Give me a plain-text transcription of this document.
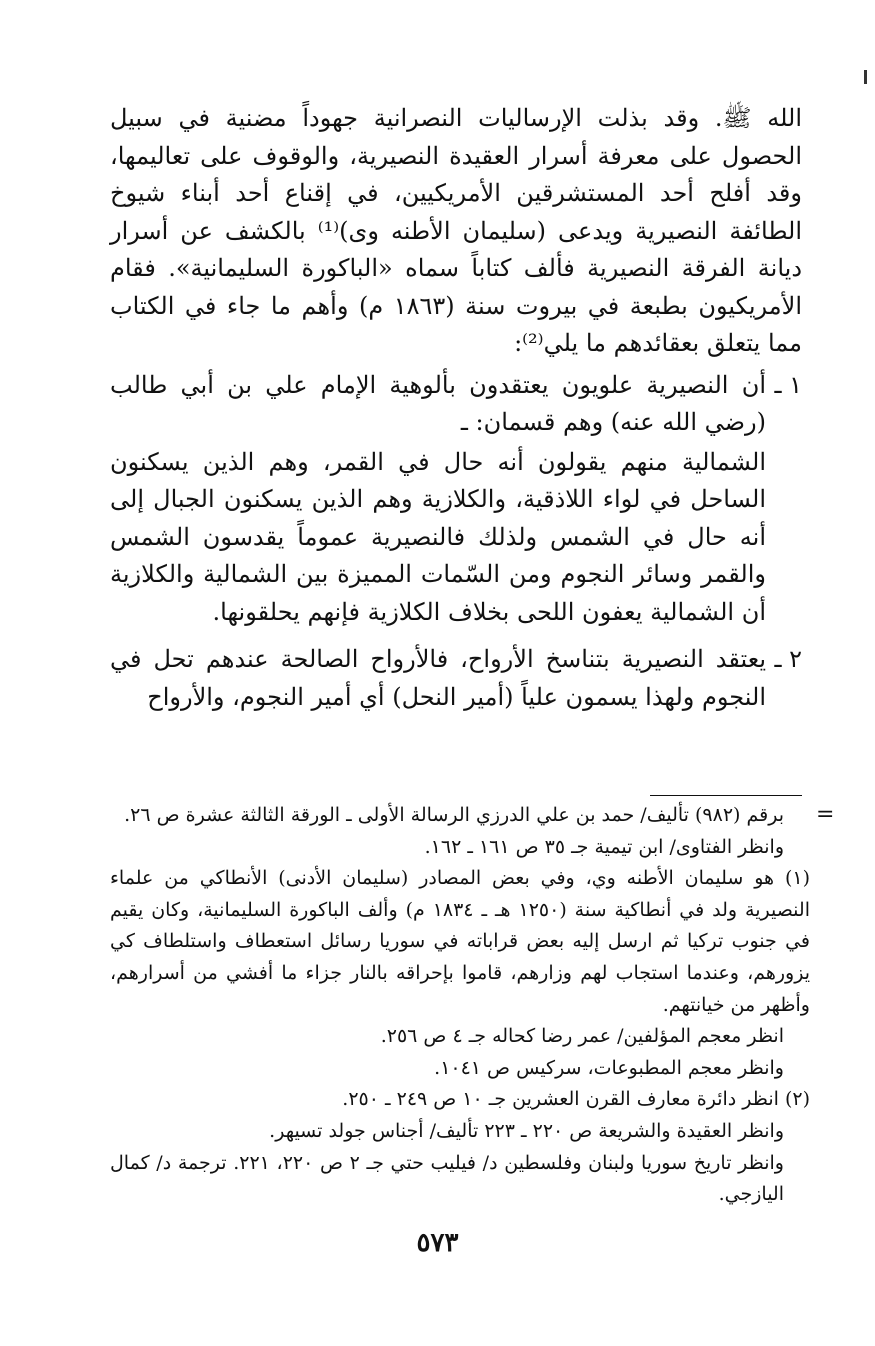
الله ﷺ. وقد بذلت الإرساليات النصرانية جهوداً مضنية في سبيل الحصول على معرفة أسرار العقيدة النصيرية، والوقوف على تعاليمها، وقد أفلح أحد المستشرقين الأمريكيين، في إقناع أحد أبناء شيوخ الطائفة النصيرية ويدعى (سليمان الأطنه وى)⁽¹⁾ بالكشف عن أسرار ديانة الفرقة النصيرية فألف كتاباً سماه «الباكورة السليمانية». فقام الأمريكيون بطبعة في بيروت سنة (١٨٦٣ م) وأهم ما جاء في الكتاب مما يتعلق بعقائدهم ما يلي⁽²⁾:

١ ـ

أن النصيرية علويون يعتقدون بألوهية الإمام علي بن أبي طالب (رضي الله عنه) وهم قسمان: ـ

الشمالية منهم يقولون أنه حال في القمر، وهم الذين يسكنون الساحل في لواء اللاذقية، والكلازية وهم الذين يسكنون الجبال إلى أنه حال في الشمس ولذلك فالنصيرية عموماً يقدسون الشمس والقمر وسائر النجوم ومن السّمات المميزة بين الشمالية والكلازية أن الشمالية يعفون اللحى بخلاف الكلازية فإنهم يحلقونها.

٢ ـ

يعتقد النصيرية بتناسخ الأرواح، فالأرواح الصالحة عندهم تحل في النجوم ولهذا يسمون علياً (أمير النحل) أي أمير النجوم، والأرواح

=

برقم (٩٨٢) تأليف/ حمد بن علي الدرزي الرسالة الأولى ـ الورقة الثالثة عشرة ص ٢٦.

وانظر الفتاوى/ ابن تيمية جـ ٣٥ ص ١٦١ ـ ١٦٢.

(١) هو سليمان الأطنه وي، وفي بعض المصادر (سليمان الأدنى) الأنطاكي من علماء النصيرية ولد في أنطاكية سنة (١٢٥٠ هـ ـ ١٨٣٤ م) وألف الباكورة السليمانية، وكان يقيم في جنوب تركيا ثم ارسل إليه بعض قراباته في سوريا رسائل استعطاف واستلطاف كي يزورهم، وعندما استجاب لهم وزارهم، قاموا بإحراقه بالنار جزاء ما أفشي من أسرارهم، وأظهر من خيانتهم.

انظر معجم المؤلفين/ عمر رضا كحاله جـ ٤ ص ٢٥٦.

وانظر معجم المطبوعات، سركيس ص ١٠٤١.

(٢) انظر دائرة معارف القرن العشرين جـ ١٠ ص ٢٤٩ ـ ٢٥٠.

وانظر العقيدة والشريعة ص ٢٢٠ ـ ٢٢٣ تأليف/ أجناس جولد تسيهر.

وانظر تاريخ سوريا ولبنان وفلسطين د/ فيليب حتي جـ ٢ ص ٢٢٠، ٢٢١. ترجمة د/ كمال اليازجي.

٥٧٣
